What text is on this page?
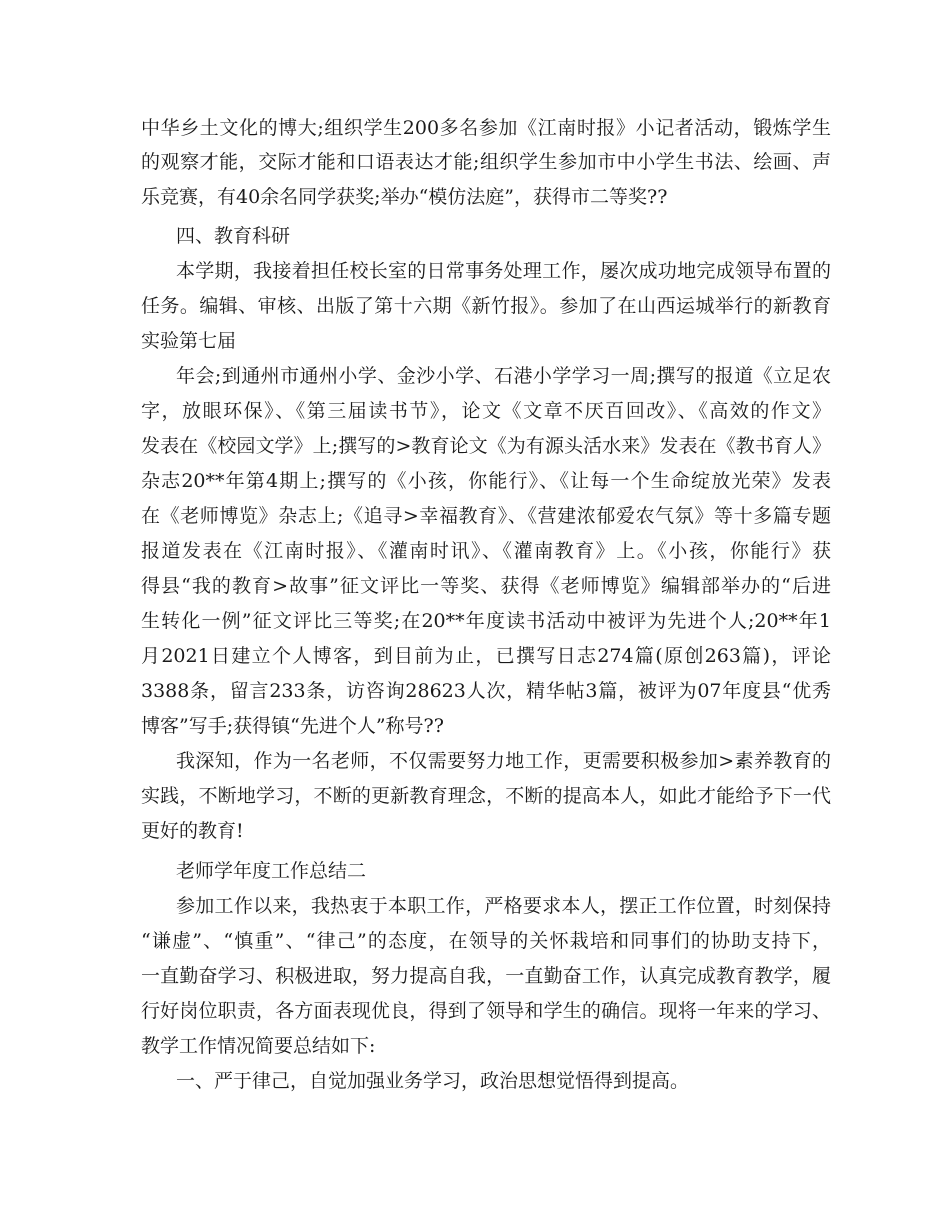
中华乡土文化的博大;组织学生200多名参加《江南时报》小记者活动，锻炼学生
的观察才能，交际才能和口语表达才能;组织学生参加市中小学生书法、绘画、声
乐竞赛，有40余名同学获奖;举办“模仿法庭”，获得市二等奖??
四、教育科研
本学期，我接着担任校长室的日常事务处理工作，屡次成功地完成领导布置的
任务。编辑、审核、出版了第十六期《新竹报》。参加了在山西运城举行的新教育
实验第七届
年会;到通州市通州小学、金沙小学、石港小学学习一周;撰写的报道《立足农
字，放眼环保》、《第三届读书节》，论文《文章不厌百回改》、《高效的作文》
发表在《校园文学》上;撰写的>教育论文《为有源头活水来》发表在《教书育人》
杂志20**年第4期上;撰写的《小孩，你能行》、《让每一个生命绽放光荣》发表
在《老师博览》杂志上;《追寻>幸福教育》、《营建浓郁爱农气氛》等十多篇专题
报道发表在《江南时报》、《灌南时讯》、《灌南教育》上。《小孩，你能行》获
得县“我的教育>故事”征文评比一等奖、获得《老师博览》编辑部举办的“后进
生转化一例”征文评比三等奖;在20**年度读书活动中被评为先进个人;20**年1
月2021日建立个人博客，到目前为止，已撰写日志274篇(原创263篇)，评论
3388条，留言233条，访咨询28623人次，精华帖3篇，被评为07年度县“优秀
博客”写手;获得镇“先进个人”称号??
我深知，作为一名老师，不仅需要努力地工作，更需要积极参加>素养教育的
实践，不断地学习，不断的更新教育理念，不断的提高本人，如此才能给予下一代
更好的教育!
老师学年度工作总结二
参加工作以来，我热衷于本职工作，严格要求本人，摆正工作位置，时刻保持
“谦虚”、“慎重”、“律己”的态度，在领导的关怀栽培和同事们的协助支持下，
一直勤奋学习、积极进取，努力提高自我，一直勤奋工作，认真完成教育教学，履
行好岗位职责，各方面表现优良，得到了领导和学生的确信。现将一年来的学习、
教学工作情况简要总结如下:
一、严于律己，自觉加强业务学习，政治思想觉悟得到提高。
